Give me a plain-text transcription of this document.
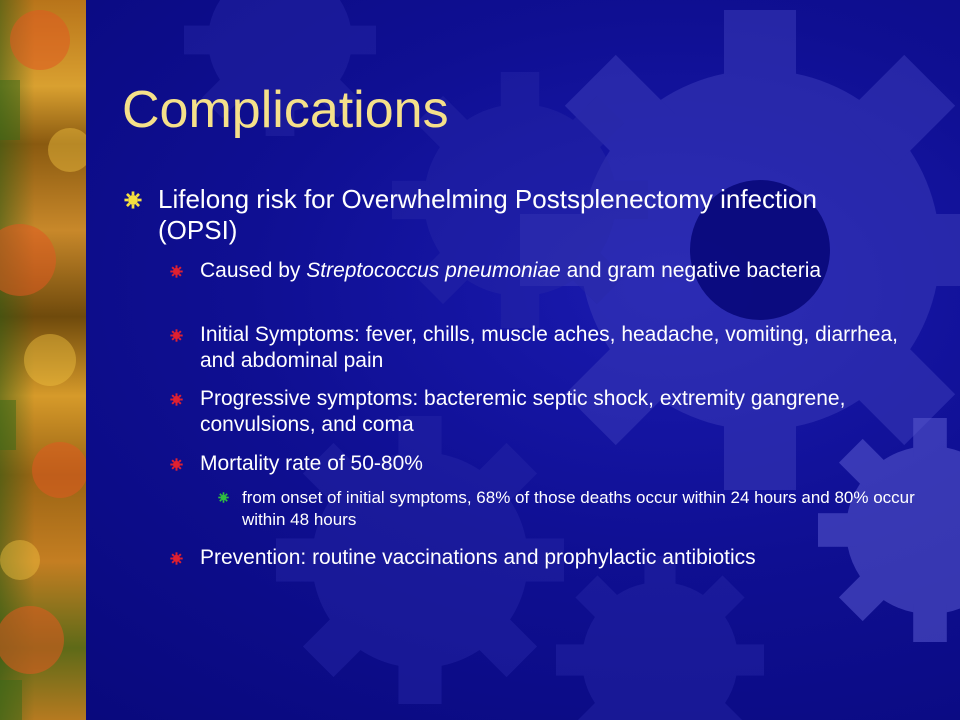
Complications
Lifelong risk for Overwhelming Postsplenectomy infection (OPSI)
Caused by Streptococcus pneumoniae and gram negative bacteria
Initial Symptoms: fever, chills, muscle aches, headache, vomiting, diarrhea, and abdominal pain
Progressive symptoms: bacteremic septic shock, extremity gangrene, convulsions, and coma
Mortality rate of 50-80%
from onset of initial symptoms, 68% of those deaths occur within 24 hours and 80% occur within 48 hours
Prevention: routine vaccinations and prophylactic antibiotics
